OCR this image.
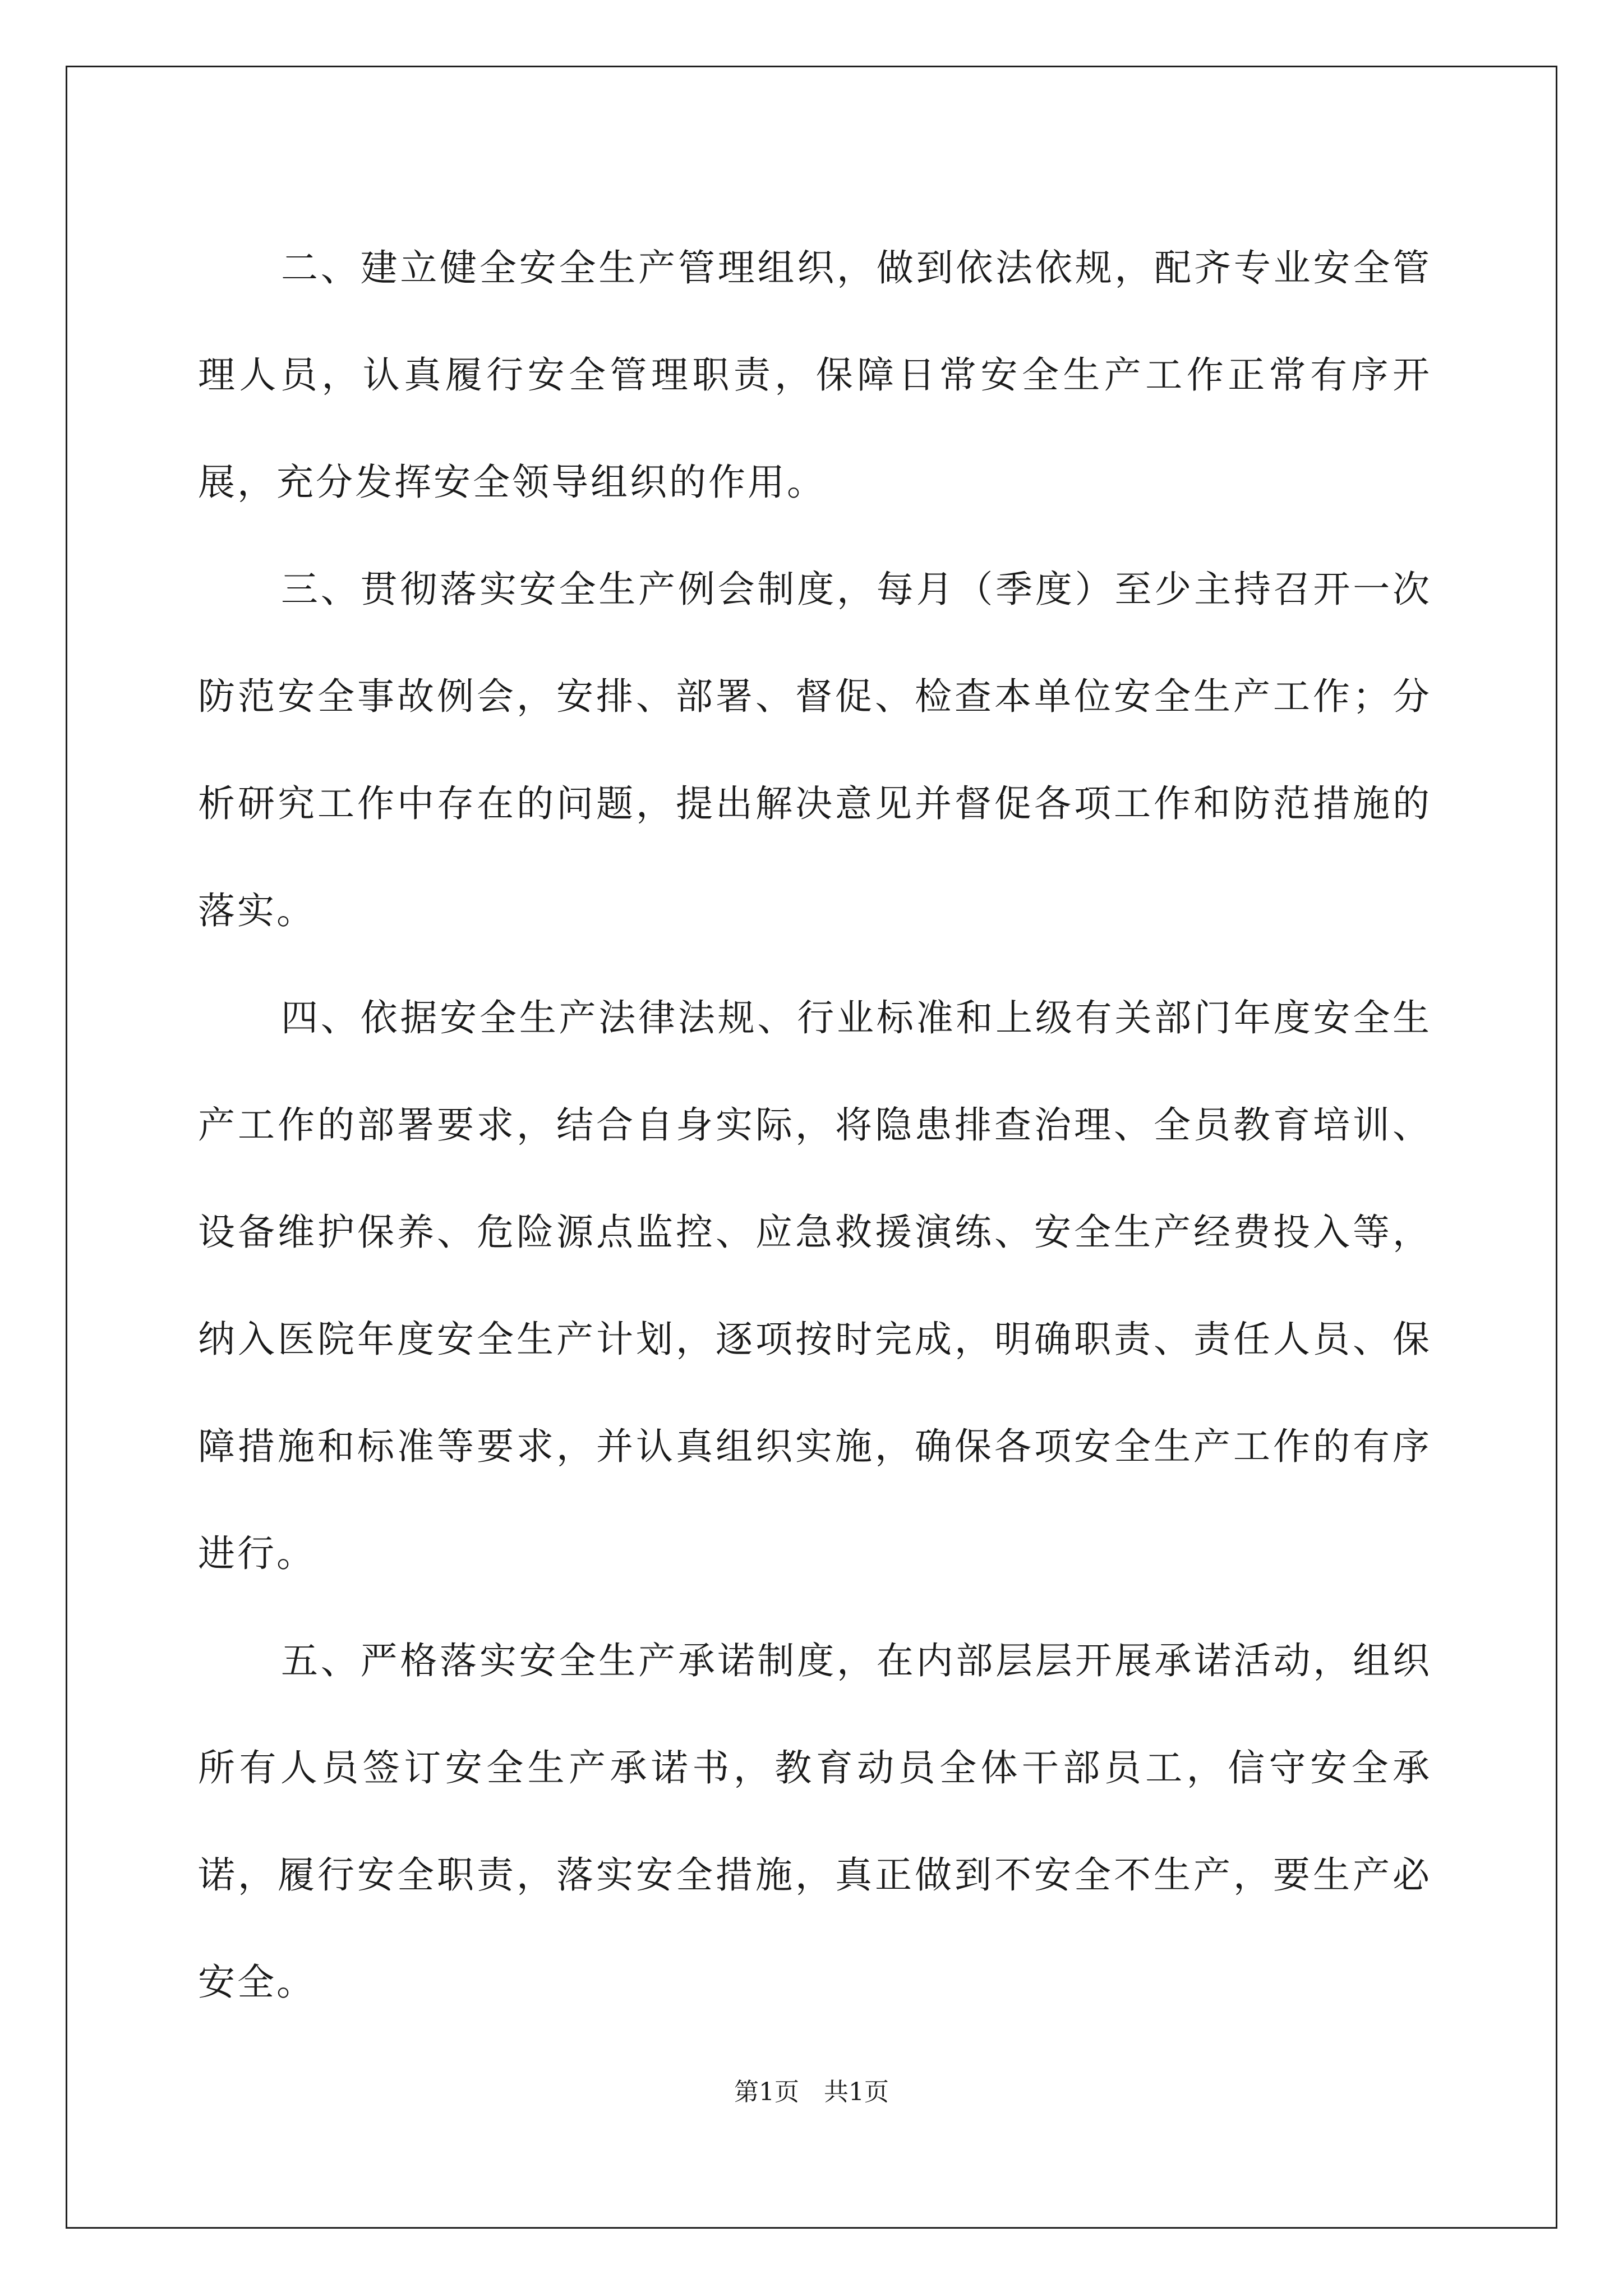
二、建立健全安全生产管理组织，做到依法依规，配齐专业安全管理人员，认真履行安全管理职责，保障日常安全生产工作正常有序开展，充分发挥安全领导组织的作用。

三、贯彻落实安全生产例会制度，每月（季度）至少主持召开一次防范安全事故例会，安排、部署、督促、检查本单位安全生产工作；分析研究工作中存在的问题，提出解决意见并督促各项工作和防范措施的落实。

四、依据安全生产法律法规、行业标准和上级有关部门年度安全生产工作的部署要求，结合自身实际，将隐患排查治理、全员教育培训、设备维护保养、危险源点监控、应急救援演练、安全生产经费投入等，纳入医院年度安全生产计划，逐项按时完成，明确职责、责任人员、保障措施和标准等要求，并认真组织实施，确保各项安全生产工作的有序进行。

五、严格落实安全生产承诺制度，在内部层层开展承诺活动，组织所有人员签订安全生产承诺书，教育动员全体干部员工，信守安全承诺，履行安全职责，落实安全措施，真正做到不安全不生产，要生产必安全。

第1页　共1页
